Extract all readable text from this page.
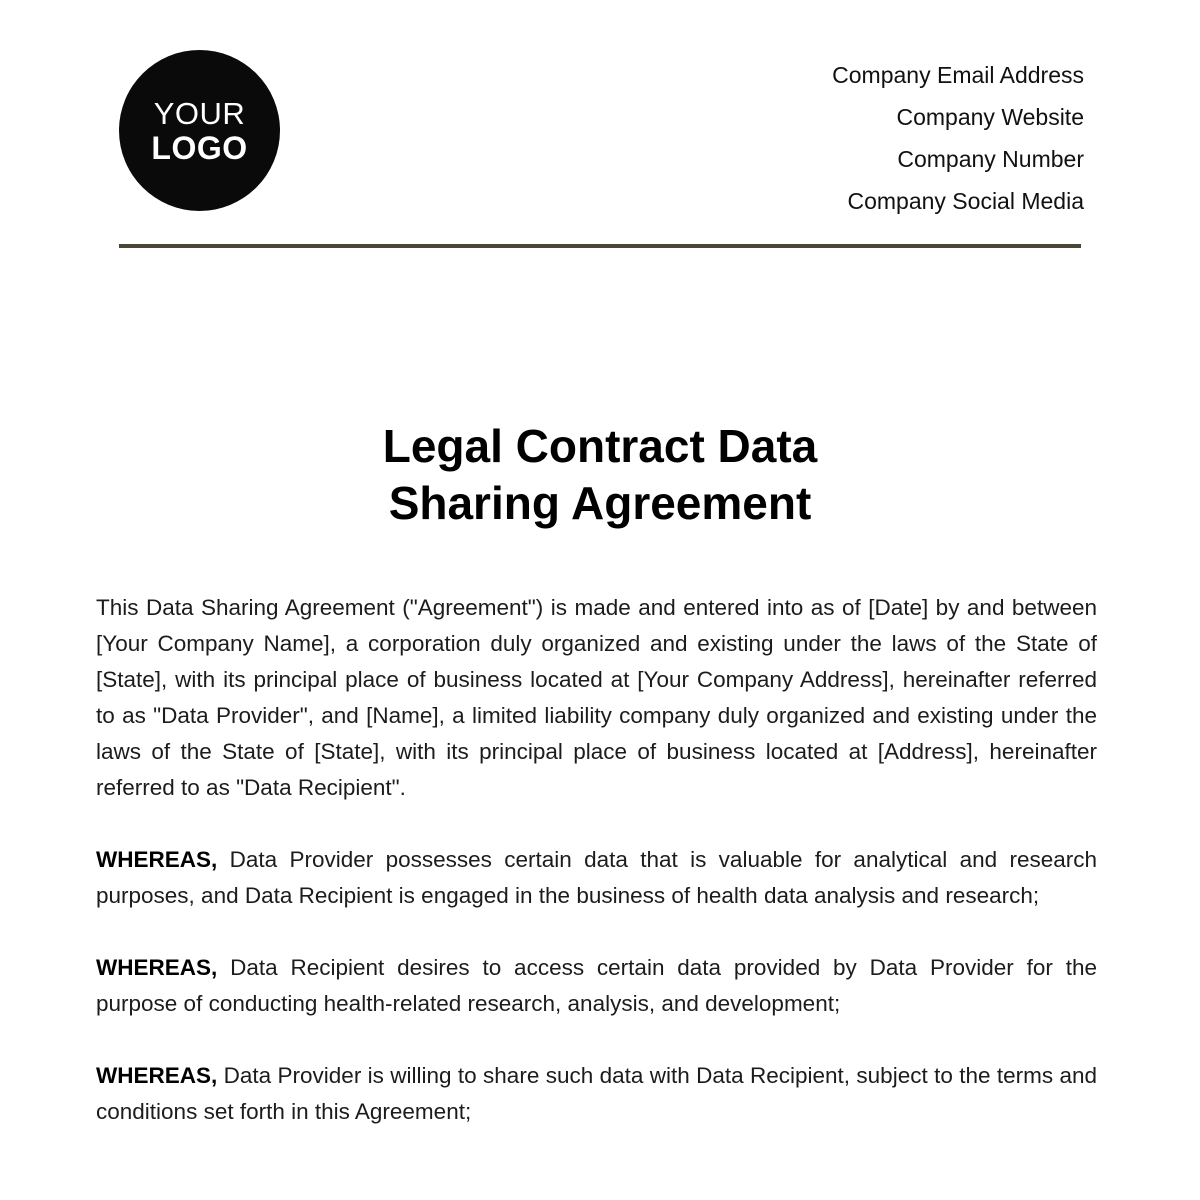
YOUR
LOGO
Company Email Address
Company Website
Company Number
Company Social Media
Legal Contract Data
Sharing Agreement

This Data Sharing Agreement ("Agreement") is made and entered into as of [Date] by and between [Your Company Name], a corporation duly organized and existing under the laws of the State of [State], with its principal place of business located at [Your Company Address], hereinafter referred to as "Data Provider", and [Name], a limited liability company duly organized and existing under the laws of the State of [State], with its principal place of business located at [Address], hereinafter referred to as "Data Recipient".

WHEREAS, Data Provider possesses certain data that is valuable for analytical and research purposes, and Data Recipient is engaged in the business of health data analysis and research;

WHEREAS, Data Recipient desires to access certain data provided by Data Provider for the purpose of conducting health-related research, analysis, and development;

WHEREAS, Data Provider is willing to share such data with Data Recipient, subject to the terms and conditions set forth in this Agreement;
